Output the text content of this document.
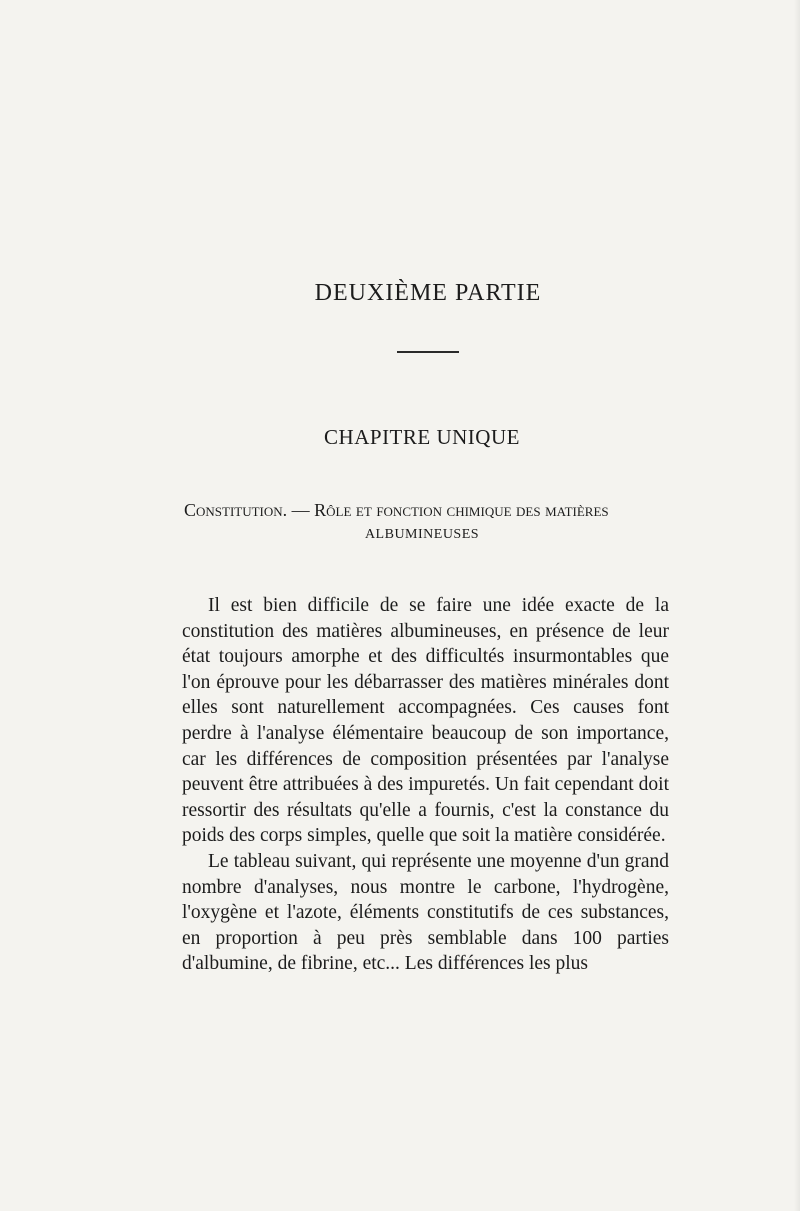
DEUXIÈME PARTIE
CHAPITRE UNIQUE
Constitution. — Rôle et fonction chimique des matières
ALBUMINEUSES

Il est bien difficile de se faire une idée exacte de la constitution des matières albumineuses, en présence de leur état toujours amorphe et des difficultés insurmontables que l'on éprouve pour les débarrasser des matières minérales dont elles sont naturellement accompagnées. Ces causes font perdre à l'analyse élémentaire beaucoup de son importance, car les différences de composition présentées par l'analyse peuvent être attribuées à des impuretés. Un fait cependant doit ressortir des résultats qu'elle a fournis, c'est la constance du poids des corps simples, quelle que soit la matière considérée.

Le tableau suivant, qui représente une moyenne d'un grand nombre d'analyses, nous montre le carbone, l'hydrogène, l'oxygène et l'azote, éléments constitutifs de ces substances, en proportion à peu près semblable dans 100 parties d'albumine, de fibrine, etc... Les différences les plus
